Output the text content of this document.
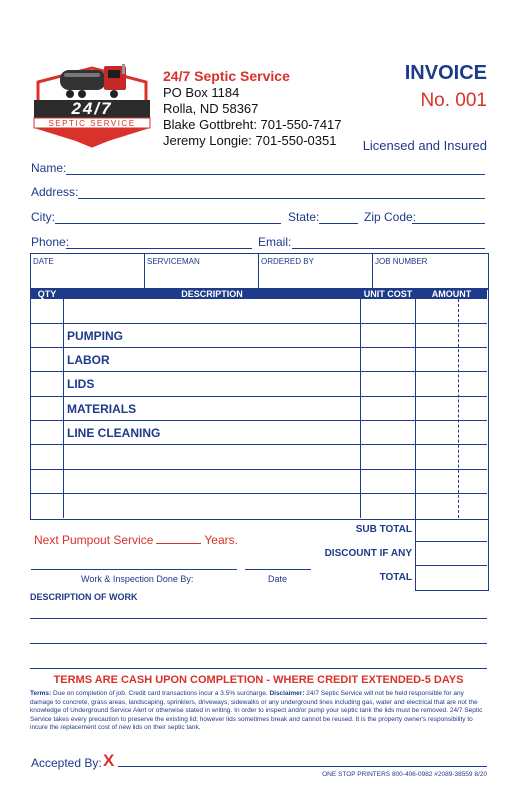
24/7
SEPTIC SERVICE
24/7 Septic Service
PO Box 1184
Rolla, ND 58367
Blake Gottbreht: 701-550-7417
Jeremy Longie: 701-550-0351
INVOICE
No. 001
Licensed and Insured
Name:
Address:
City:	State:	Zip Code:
Phone:	Email:
DATE	SERVICEMAN	ORDERED BY	JOB NUMBER
QTY	DESCRIPTION	UNIT COST	AMOUNT
PUMPING
LABOR
LIDS
MATERIALS
LINE CLEANING
SUB TOTAL
DISCOUNT IF ANY
TOTAL
Next Pumpout Service	Years.
Work & Inspection Done By:	Date
DESCRIPTION OF WORK
TERMS ARE CASH UPON COMPLETION - WHERE CREDIT EXTENDED-5 DAYS
Terms: Due on completion of job. Credit card transactions incur a 3.5% surcharge. Disclaimer: 24/7 Septic Service will not be held responsible for any damage to concrete, grass areas, landscaping, sprinklers, driveways, sidewalks or any underground lines including gas, water and electrical that are not the knowledge of Underground Service Alert or otherwise stated in writing. In order to inspect and/or pump your septic tank the lids must be removed. 24/7 Septic Service takes every precaution to preserve the existing lid; however lids sometimes break and cannot be reused. It is the property owner's responsibility to incure the replacement cost of new lids on their septic tank.
Accepted By: X
ONE STOP PRINTERS 800-406-0982 #2089-38559 8/20
